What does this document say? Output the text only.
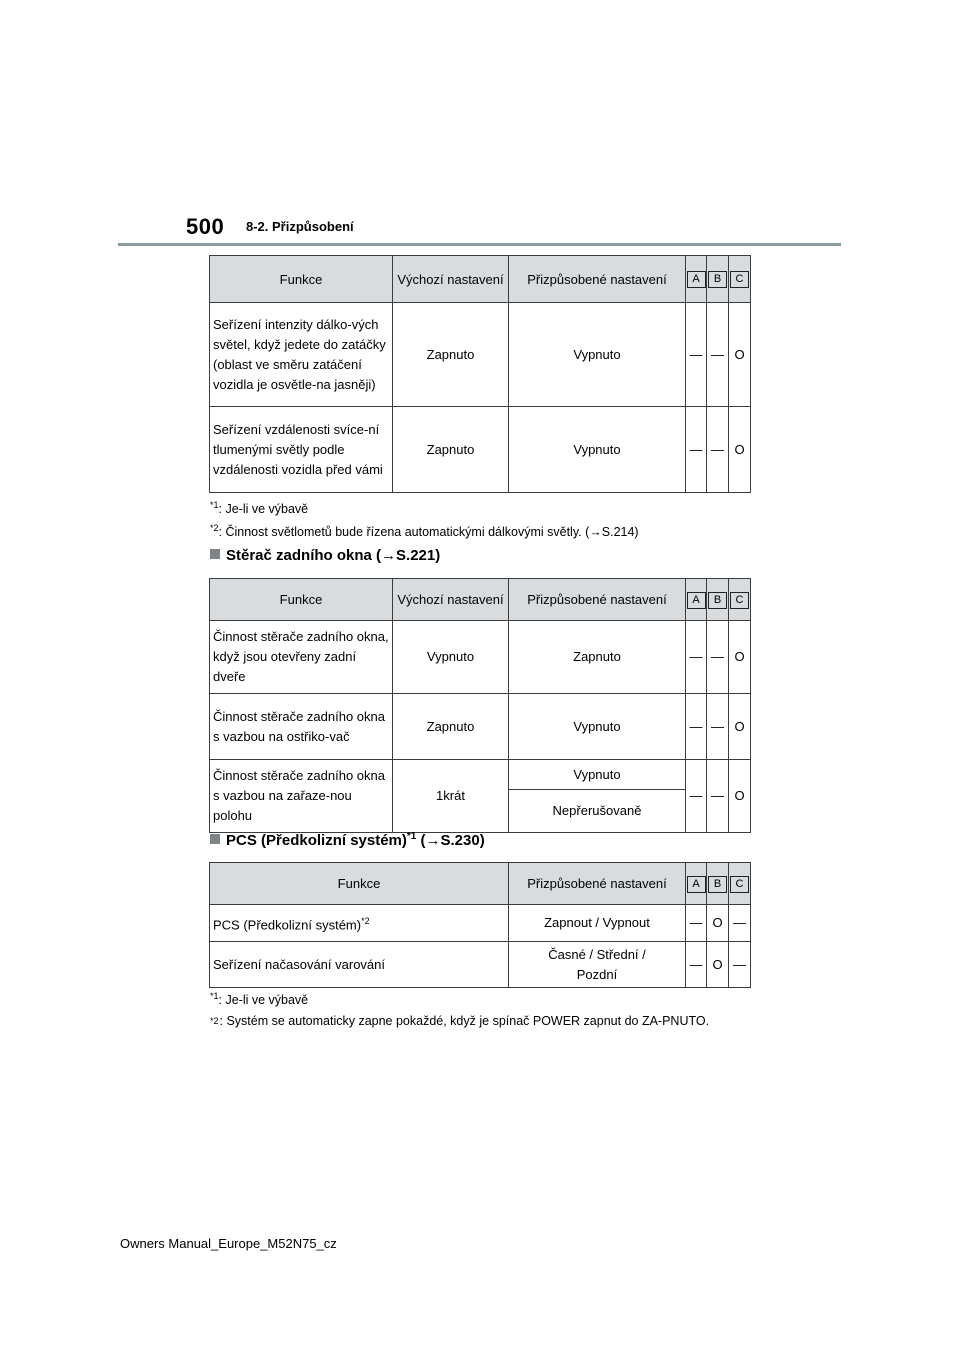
500 8-2. Přizpůsobení
Funkce	Výchozí nastavení	Přizpůsobené nastavení	A	B	C
Seřízení intenzity dálko-vých světel, když jedete do zatáčky (oblast ve směru zatáčení vozidla je osvětle-na jasněji)	Zapnuto	Vypnuto	—	—	O
Seřízení vzdálenosti svíce-ní tlumenými světly podle vzdálenosti vozidla před vámi	Zapnuto	Vypnuto	—	—	O
$^{*1}$: Je-li ve výbavě
$^{*2}$: Činnost světlometů bude řízena automatickými dálkovými světly. (→S.214)
Stěrač zadního okna (→S.221)
Funkce	Výchozí nastavení	Přizpůsobené nastavení	A	B	C
Činnost stěrače zadního okna, když jsou otevřeny zadní dveře	Vypnuto	Zapnuto	—	—	O
Činnost stěrače zadního okna s vazbou na ostřiko-vač	Zapnuto	Vypnuto	—	—	O
Činnost stěrače zadního okna s vazbou na zařaze-nou polohu	1krát	Vypnuto	—	—	O
		Nepřerušovaně			
PCS (Předkolizní systém)$^{*1}$ (→S.230)
Funkce	Přizpůsobené nastavení	A	B	C
PCS (Předkolizní systém)$^{*2}$	Zapnout / Vypnout	—	O	—
Seřízení načasování varování	Časné / Střední / Pozdní	—	O	—
$^{*1}$: Je-li ve výbavě
*2 : Systém se automaticky zapne pokaždé, když je spínač POWER zapnut do ZA-PNUTO.
Owners Manual_Europe_M52N75_cz
